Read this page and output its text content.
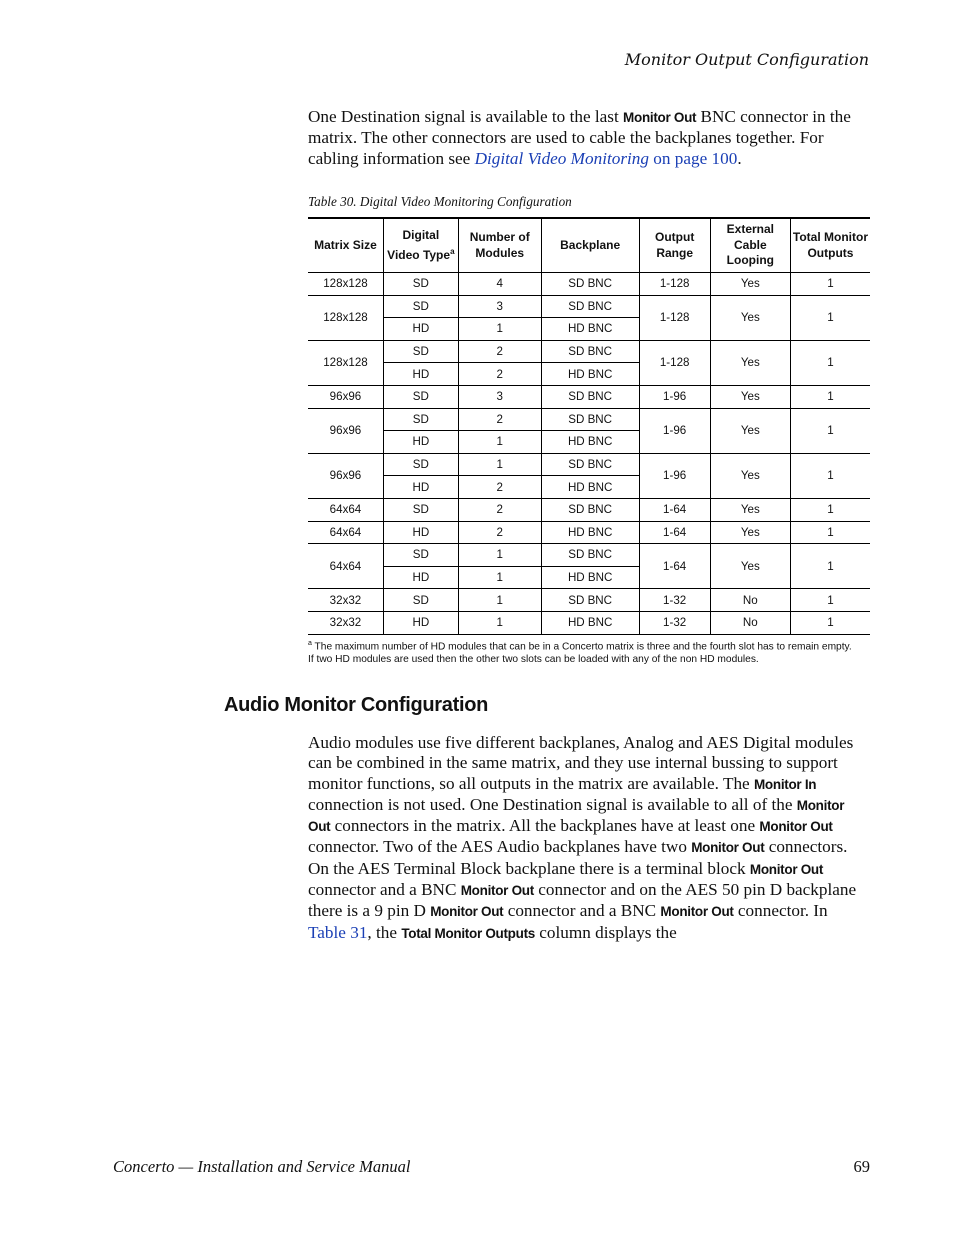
Monitor Output Configuration
One Destination signal is available to the last Monitor Out BNC connector in the matrix. The other connectors are used to cable the backplanes together. For cabling information see Digital Video Monitoring on page 100.
Table 30. Digital Video Monitoring Configuration
Matrix Size	Digital Video Type$^a$	Number of Modules	Backplane	Output Range	External Cable Looping	Total Monitor Outputs
128x128	SD	4	SD BNC	1-128	Yes	1
128x128	SD	3	SD BNC	1-128	Yes	1
	HD	1	HD BNC			
128x128	SD	2	SD BNC	1-128	Yes	1
	HD	2	HD BNC			
96x96	SD	3	SD BNC	1-96	Yes	1
96x96	SD	2	SD BNC	1-96	Yes	1
	HD	1	HD BNC			
96x96	SD	1	SD BNC	1-96	Yes	1
	HD	2	HD BNC			
64x64	SD	2	SD BNC	1-64	Yes	1
64x64	HD	2	HD BNC	1-64	Yes	1
64x64	SD	1	SD BNC	1-64	Yes	1
	HD	1	HD BNC			
32x32	SD	1	SD BNC	1-32	No	1
32x32	HD	1	HD BNC	1-32	No	1
$^a$ The maximum number of HD modules that can be in a Concerto matrix is three and the fourth slot has to remain empty. If two HD modules are used then the other two slots can be loaded with any of the non HD modules.
Audio Monitor Configuration
Audio modules use five different backplanes, Analog and AES Digital modules can be combined in the same matrix, and they use internal bussing to support monitor functions, so all outputs in the matrix are available. The Monitor In connection is not used. One Destination signal is available to all of the Monitor Out connectors in the matrix. All the backplanes have at least one Monitor Out connector. Two of the AES Audio backplanes have two Monitor Out connectors. On the AES Terminal Block backplane there is a terminal block Monitor Out connector and a BNC Monitor Out connector and on the AES 50 pin D backplane there is a 9 pin D Monitor Out connector and a BNC Monitor Out connector. In Table 31, the Total Monitor Outputs column displays the
Concerto — Installation and Service Manual	69
